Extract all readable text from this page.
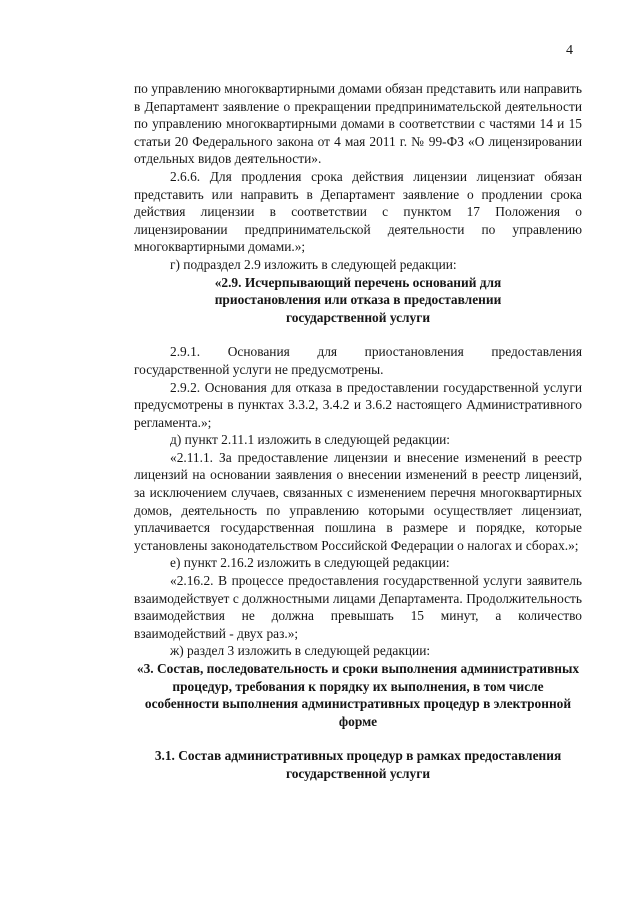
4

по управлению многоквартирными домами обязан представить или направить в Департамент заявление о прекращении предпринимательской деятельности по управлению многоквартирными домами в соответствии с частями 14 и 15 статьи 20 Федерального закона от 4 мая 2011 г. № 99-ФЗ «О лицензировании отдельных видов деятельности».

2.6.6. Для продления срока действия лицензии лицензиат обязан представить или направить в Департамент заявление о продлении срока действия лицензии в соответствии с пунктом 17 Положения о лицензировании предпринимательской деятельности по управлению многоквартирными домами.»;

г) подраздел 2.9 изложить в следующей редакции:

«2.9. Исчерпывающий перечень оснований для приостановления или отказа в предоставлении государственной услуги

2.9.1. Основания для приостановления предоставления государственной услуги не предусмотрены.

2.9.2. Основания для отказа в предоставлении государственной услуги предусмотрены в пунктах 3.3.2, 3.4.2 и 3.6.2 настоящего Административного регламента.»;

д) пункт 2.11.1 изложить в следующей редакции:

«2.11.1. За предоставление лицензии и внесение изменений в реестр лицензий на основании заявления о внесении изменений в реестр лицензий, за исключением случаев, связанных с изменением перечня многоквартирных домов, деятельность по управлению которыми осуществляет лицензиат, уплачивается государственная пошлина в размере и порядке, которые установлены законодательством Российской Федерации о налогах и сборах.»;

е) пункт 2.16.2 изложить в следующей редакции:

«2.16.2. В процессе предоставления государственной услуги заявитель взаимодействует с должностными лицами Департамента. Продолжительность взаимодействия не должна превышать 15 минут, а количество взаимодействий - двух раз.»;

ж) раздел 3 изложить в следующей редакции:

«3. Состав, последовательность и сроки выполнения административных процедур, требования к порядку их выполнения, в том числе особенности выполнения административных процедур в электронной форме

3.1. Состав административных процедур в рамках предоставления государственной услуги
